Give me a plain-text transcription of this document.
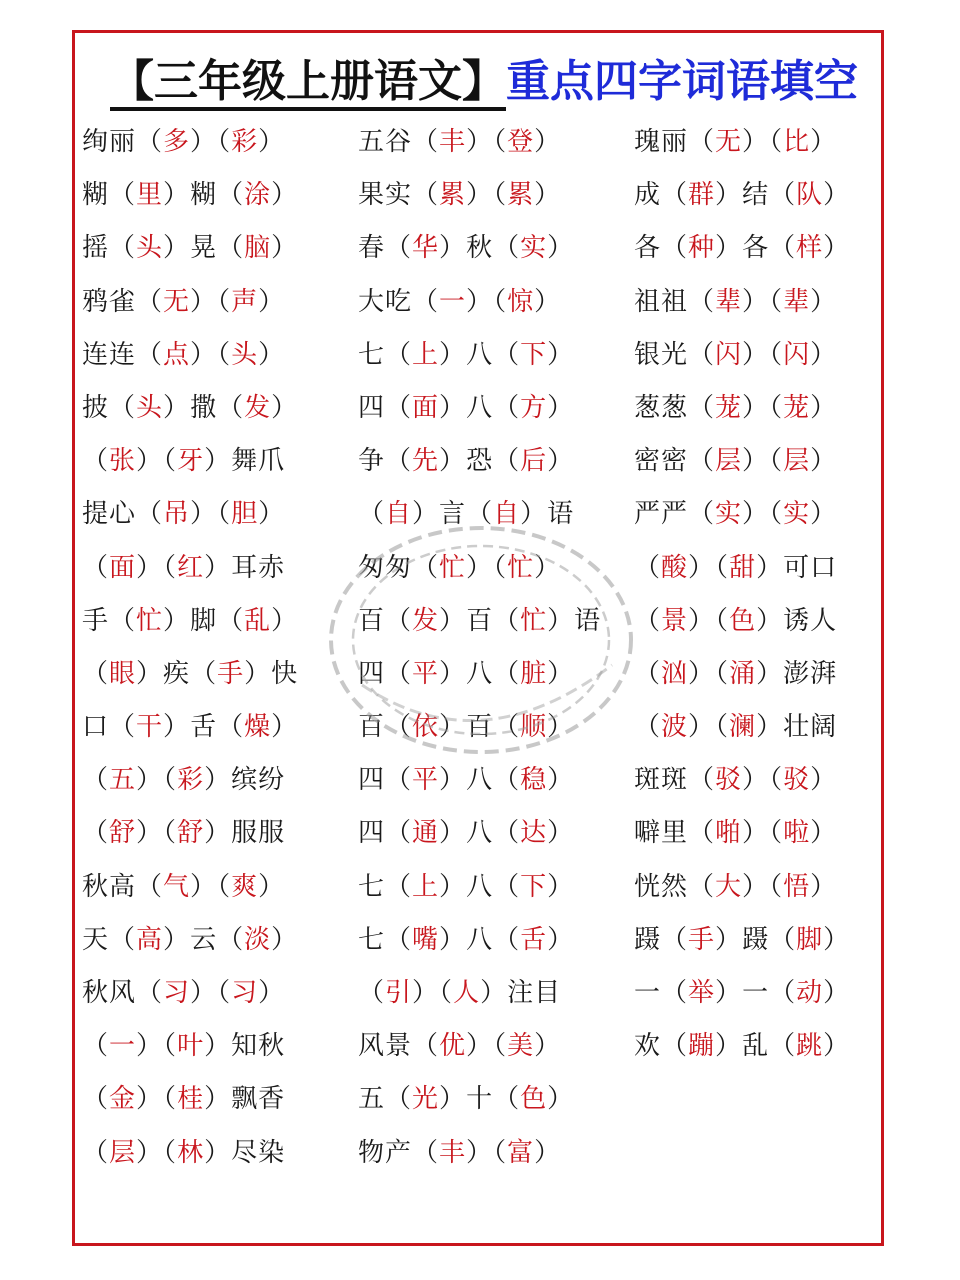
【三年级上册语文】重点四字词语填空
绚丽（多）（彩）
糊（里）糊（涂）
摇（头）晃（脑）
鸦雀（无）（声）
连连（点）（头）
披（头）撒（发）
（张）（牙）舞爪
提心（吊）（胆）
（面）（红）耳赤
手（忙）脚（乱）
（眼）疾（手）快
口（干）舌（燥）
（五）（彩）缤纷
（舒）（舒）服服
秋高（气）（爽）
天（高）云（淡）
秋风（习）（习）
（一）（叶）知秋
（金）（桂）飘香
（层）（林）尽染
五谷（丰）（登）
果实（累）（累）
春（华）秋（实）
大吃（一）（惊）
七（上）八（下）
四（面）八（方）
争（先）恐（后）
（自）言（自）语
匆匆（忙）（忙）
百（发）百（忙）语
四（平）八（脏）
百（依）百（顺）
四（平）八（稳）
四（通）八（达）
七（上）八（下）
七（嘴）八（舌）
（引）（人）注目
风景（优）（美）
五（光）十（色）
物产（丰）（富）
瑰丽（无）（比）
成（群）结（队）
各（种）各（样）
祖祖（辈）（辈）
银光（闪）（闪）
葱葱（茏）（茏）
密密（层）（层）
严严（实）（实）
（酸）（甜）可口
（景）（色）诱人
（汹）（涌）澎湃
（波）（澜）壮阔
斑斑（驳）（驳）
噼里（啪）（啦）
恍然（大）（悟）
蹑（手）蹑（脚）
一（举）一（动）
欢（蹦）乱（跳）
